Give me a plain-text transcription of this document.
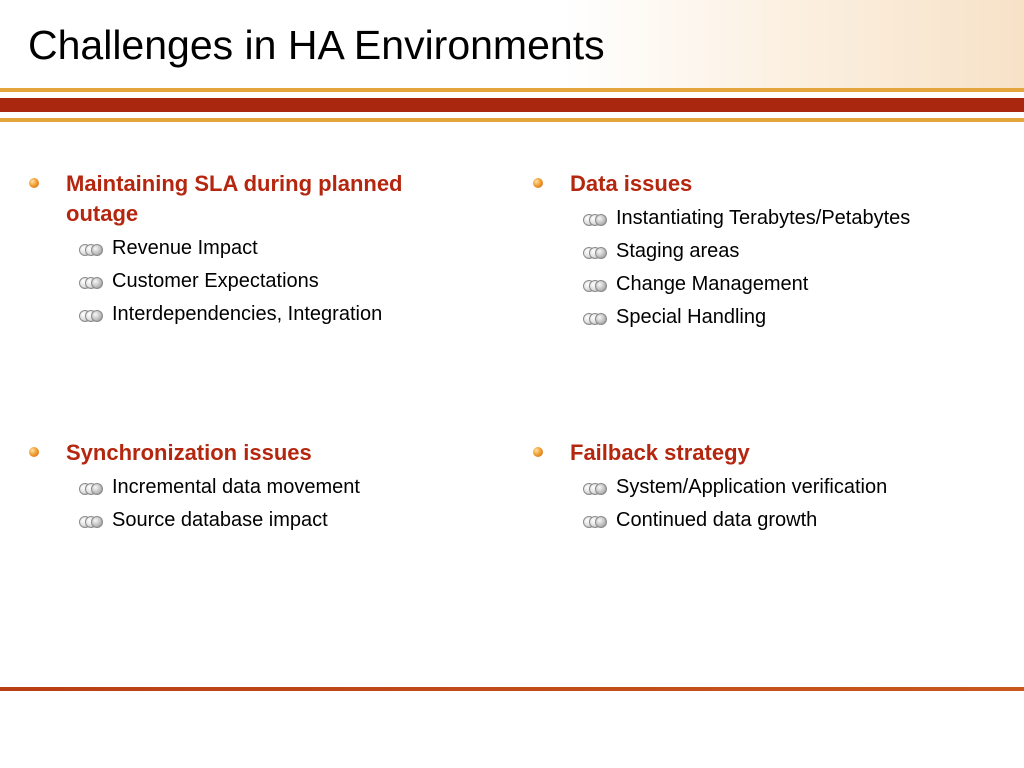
Challenges in HA Environments
Maintaining SLA during planned outage
Revenue Impact
Customer Expectations
Interdependencies, Integration
Data issues
Instantiating Terabytes/Petabytes
Staging areas
Change Management
Special Handling
Synchronization issues
Incremental data movement
Source database impact
Failback strategy
System/Application verification
Continued data growth
